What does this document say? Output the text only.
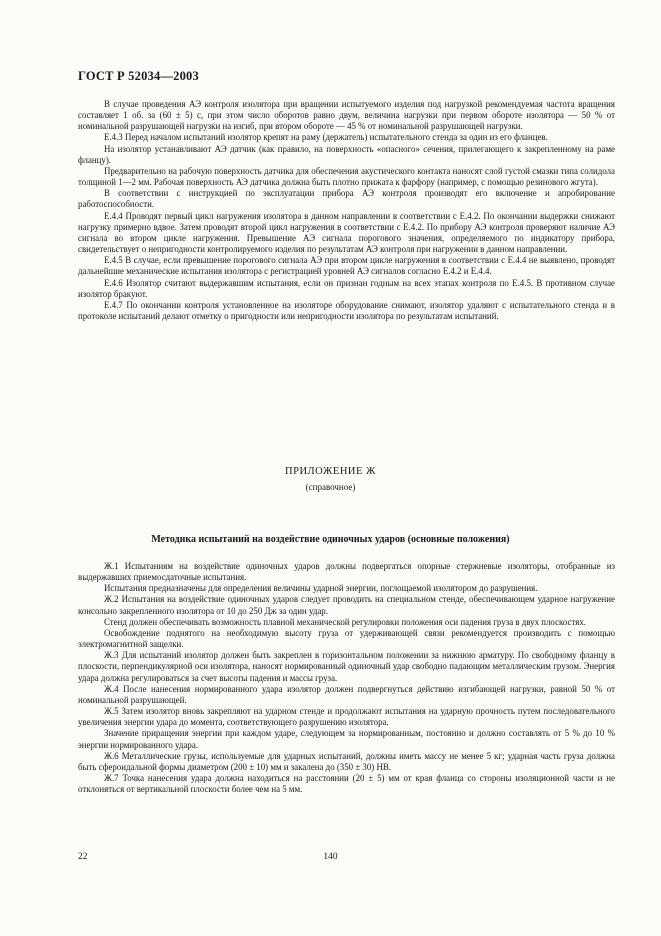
ГОСТ Р 52034—2003

В случае проведения АЭ контроля изолятора при вращении испытуемого изделия под нагрузкой рекомендуемая частота вращения составляет 1 об. за (60 ± 5) с, при этом число оборотов равно двум, величина нагрузки при первом обороте изолятора — 50 % от номинальной разрушающей нагрузки на изгиб, при втором обороте — 45 % от номинальной разрушающей нагрузки.

Е.4.3 Перед началом испытаний изолятор крепят на раму (держатель) испытательного стенда за один из его фланцев.

На изолятор устанавливают АЭ датчик (как правило, на поверхность «опасного» сечения, прилегающего к закрепленному на раме фланцу).

Предварительно на рабочую поверхность датчика для обеспечения акустического контакта наносят слой густой смазки типа солидола толщиной 1—2 мм. Рабочая поверхность АЭ датчика должна быть плотно прижата к фарфору (например, с помощью резинового жгута).

В соответствии с инструкцией по эксплуатации прибора АЭ контроля производят его включение и апробирование работоспособности.

Е.4.4 Проводят первый цикл нагружения изолятора в данном направлении в соответствии с Е.4.2. По окончании выдержки снижают нагрузку примерно вдвое. Затем проводят второй цикл нагружения в соответствии с Е.4.2. По прибору АЭ контроля проверяют наличие АЭ сигнала во втором цикле нагружения. Превышение АЭ сигнала порогового значения, определяемого по индикатору прибора, свидетельствует о непригодности контролируемого изделия по результатам АЭ контроля при нагружении в данном направлении.

Е.4.5 В случае, если превышение порогового сигнала АЭ при втором цикле нагружения в соответствии с Е.4.4 не выявлено, проводят дальнейшие механические испытания изолятора с регистрацией уровней АЭ сигналов согласно Е.4.2 и Е.4.4.

Е.4.6 Изолятор считают выдержавшим испытания, если он признан годным на всех этапах контроля по Е.4.5. В противном случае изолятор бракуют.

Е.4.7 По окончании контроля установленное на изоляторе оборудование снимают, изолятор удаляют с испытательного стенда и в протоколе испытаний делают отметку о пригодности или непригодности изолятора по результатам испытаний.

ПРИЛОЖЕНИЕ Ж
(справочное)
Методика испытаний на воздействие одиночных ударов (основные положения)

Ж.1 Испытаниям на воздействие одиночных ударов должны подвергаться опорные стержневые изоляторы, отобранные из выдержавших приемосдаточные испытания.

Испытания предназначены для определения величины ударной энергии, поглощаемой изолятором до разрушения.

Ж.2 Испытания на воздействие одиночных ударов следует проводить на специальном стенде, обеспечивающем ударное нагружение консольно закрепленного изолятора от 10 до 250 Дж за один удар.

Стенд должен обеспечивать возможность плавной механической регулировки положения оси падения груза в двух плоскостях.

Освобождение поднятого на необходимую высоту груза от удерживающей связи рекомендуется производить с помощью электромагнитной защелки.

Ж.3 Для испытаний изолятор должен быть закреплен в горизонтальном положении за нижнюю арматуру. По свободному фланцу в плоскости, перпендикулярной оси изолятора, наносят нормированный одиночный удар свободно падающим металлическим грузом. Энергия удара должна регулироваться за счет высоты падения и массы груза.

Ж.4 После нанесения нормированного удара изолятор должен подвергнуться действию изгибающей нагрузки, равной 50 % от номинальной разрушающей.

Ж.5 Затем изолятор вновь закрепляют на ударном стенде и продолжают испытания на ударную прочность путем последовательного увеличения энергии удара до момента, соответствующего разрушению изолятора.

Значение приращения энергии при каждом ударе, следующем за нормированным, постоянно и должно составлять от 5 % до 10 % энергии нормированного удара.

Ж.6 Металлические грузы, используемые для ударных испытаний, должны иметь массу не менее 5 кг; ударная часть груза должна быть сфероидальной формы диаметром (200 ± 10) мм и закалена до (350 ± 30) НВ.

Ж.7 Точка нанесения удара должна находиться на расстоянии (20 ± 5) мм от края фланца со стороны изоляционной части и не отклоняться от вертикальной плоскости более чем на 5 мм.

22	140
